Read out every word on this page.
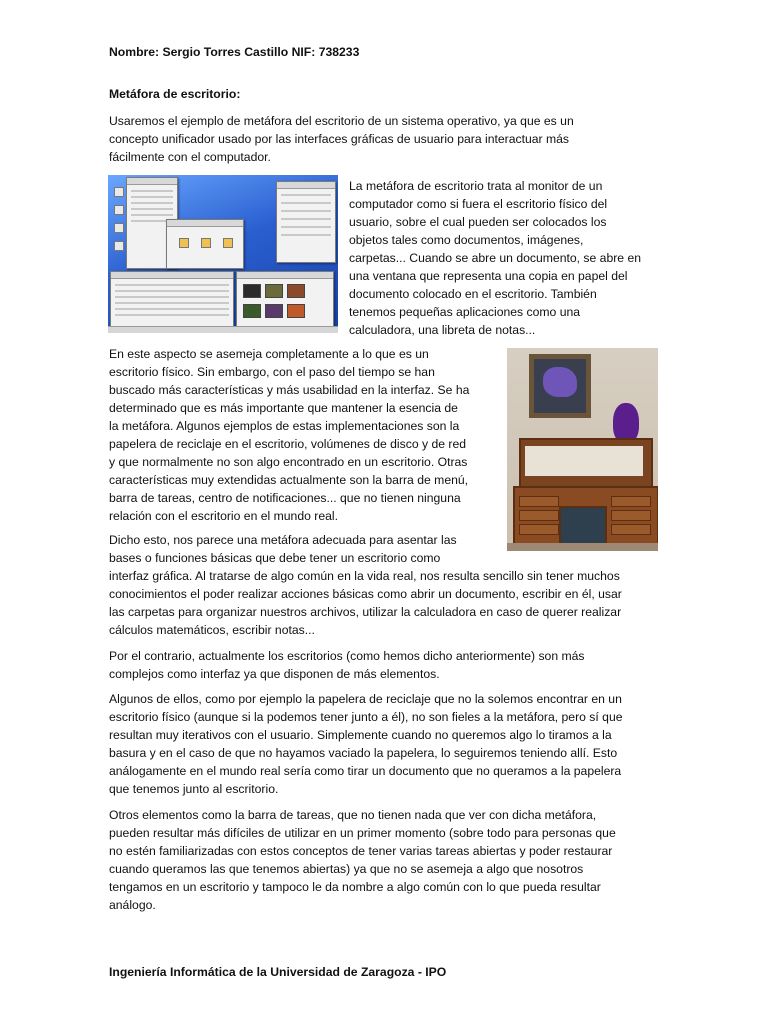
Nombre: Sergio Torres Castillo NIF: 738233

Metáfora de escritorio:

Usaremos el ejemplo de metáfora del escritorio de un sistema operativo, ya que es un

concepto unificador usado por las interfaces gráficas de usuario para interactuar más

fácilmente con el computador.

La metáfora de escritorio trata al monitor de un

computador como si fuera el escritorio físico del

usuario, sobre el cual pueden ser colocados los

objetos tales como documentos, imágenes,

carpetas... Cuando se abre un documento, se abre en

una ventana que representa una copia en papel del

documento colocado en el escritorio. También

tenemos pequeñas aplicaciones como una

calculadora, una libreta de notas...

En este aspecto se asemeja completamente a lo que es un

escritorio físico. Sin embargo, con el paso del tiempo se han

buscado más características y más usabilidad en la interfaz. Se ha

determinado que es más importante que mantener la esencia de

la metáfora. Algunos ejemplos de estas implementaciones son la

papelera de reciclaje en el escritorio, volúmenes de disco y de red

y que normalmente no son algo encontrado en un escritorio. Otras

características muy extendidas actualmente son la barra de menú,

barra de tareas, centro de notificaciones... que no tienen ninguna

relación con el escritorio en el mundo real.

Dicho esto, nos parece una metáfora adecuada para asentar las

bases o funciones básicas que debe tener un escritorio como

interfaz gráfica. Al tratarse de algo común en la vida real, nos resulta sencillo sin tener muchos

conocimientos el poder realizar acciones básicas como abrir un documento, escribir en él, usar

las carpetas para organizar nuestros archivos, utilizar la calculadora en caso de querer realizar

cálculos matemáticos, escribir notas...

Por el contrario, actualmente los escritorios (como hemos dicho anteriormente) son más

complejos como interfaz ya que disponen de más elementos.

Algunos de ellos, como por ejemplo la papelera de reciclaje que no la solemos encontrar en un

escritorio físico (aunque si la podemos tener junto a él), no son fieles a la metáfora, pero sí que

resultan muy iterativos con el usuario. Simplemente cuando no queremos algo lo tiramos a la

basura y en el caso de que no hayamos vaciado la papelera, lo seguiremos teniendo allí. Esto

análogamente en el mundo real sería como tirar un documento que no queramos a la papelera

que tenemos junto al escritorio.

Otros elementos como la barra de tareas, que no tienen nada que ver con dicha metáfora,

pueden resultar más difíciles de utilizar en un primer momento (sobre todo para personas que

no estén familiarizadas con estos conceptos de tener varias tareas abiertas y poder restaurar

cuando queramos las que tenemos abiertas) ya que no se asemeja a algo que nosotros

tengamos en un escritorio y tampoco le da nombre a algo común con lo que pueda resultar

análogo.

Ingeniería Informática de la Universidad de Zaragoza - IPO
